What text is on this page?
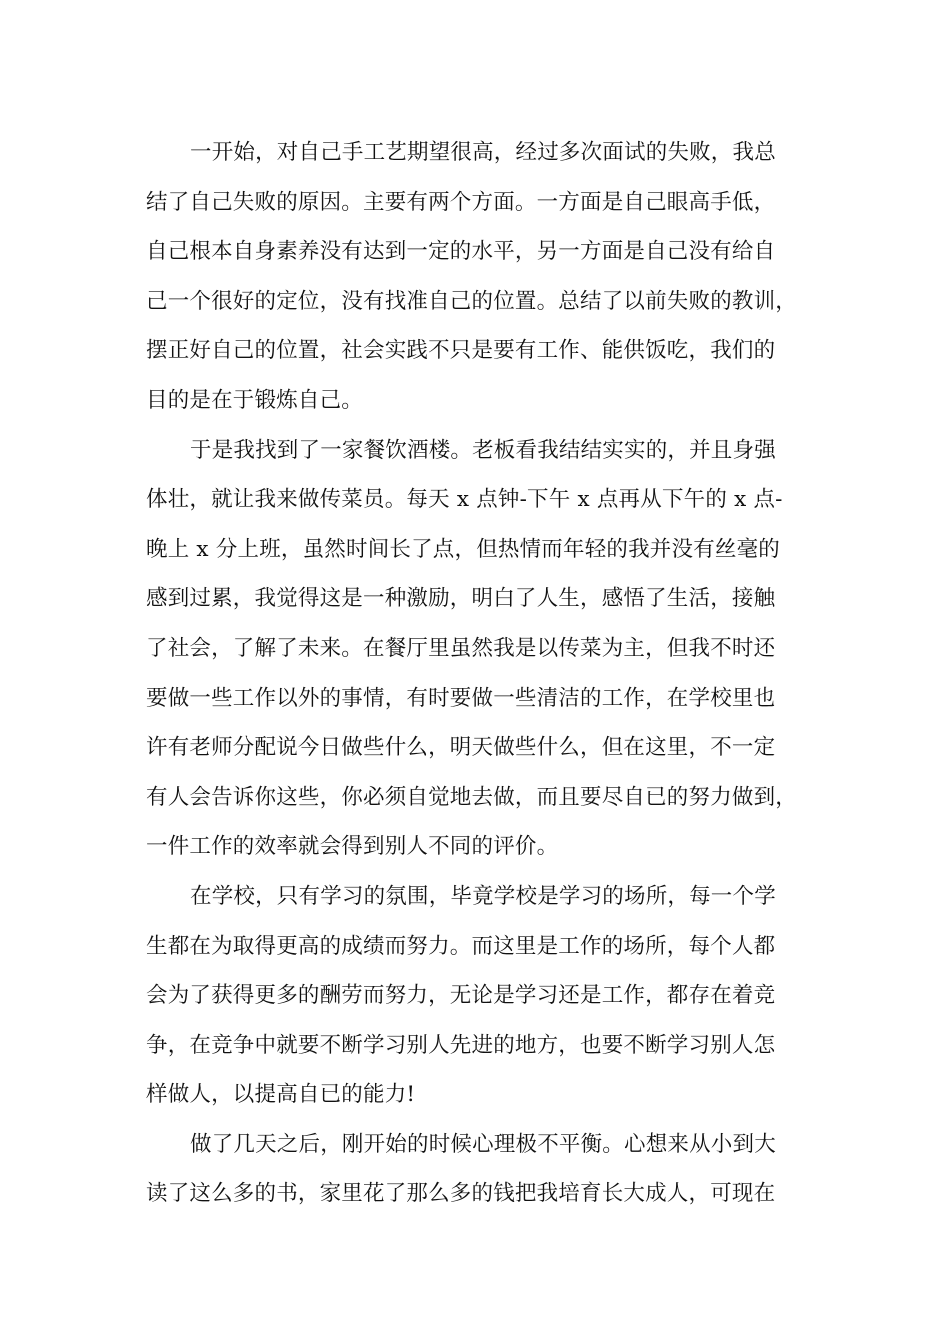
一开始，对自己手工艺期望很高，经过多次面试的失败，我总
结了自己失败的原因。主要有两个方面。一方面是自己眼高手低，
自己根本自身素养没有达到一定的水平，另一方面是自己没有给自
己一个很好的定位，没有找准自己的位置。总结了以前失败的教训，
摆正好自己的位置，社会实践不只是要有工作、能供饭吃，我们的
目的是在于锻炼自己。
于是我找到了一家餐饮酒楼。老板看我结结实实的，并且身强
体壮，就让我来做传菜员。每天 x 点钟-下午 x 点再从下午的 x 点-
晚上 x 分上班，虽然时间长了点，但热情而年轻的我并没有丝毫的
感到过累，我觉得这是一种激励，明白了人生，感悟了生活，接触
了社会，了解了未来。在餐厅里虽然我是以传菜为主，但我不时还
要做一些工作以外的事情，有时要做一些清洁的工作，在学校里也
许有老师分配说今日做些什么，明天做些什么，但在这里，不一定
有人会告诉你这些，你必须自觉地去做，而且要尽自已的努力做到，
一件工作的效率就会得到别人不同的评价。
在学校，只有学习的氛围，毕竟学校是学习的场所，每一个学
生都在为取得更高的成绩而努力。而这里是工作的场所，每个人都
会为了获得更多的酬劳而努力，无论是学习还是工作，都存在着竞
争，在竞争中就要不断学习别人先进的地方，也要不断学习别人怎
样做人，以提高自已的能力!
做了几天之后，刚开始的时候心理极不平衡。心想来从小到大
读了这么多的书，家里花了那么多的钱把我培育长大成人，可现在
